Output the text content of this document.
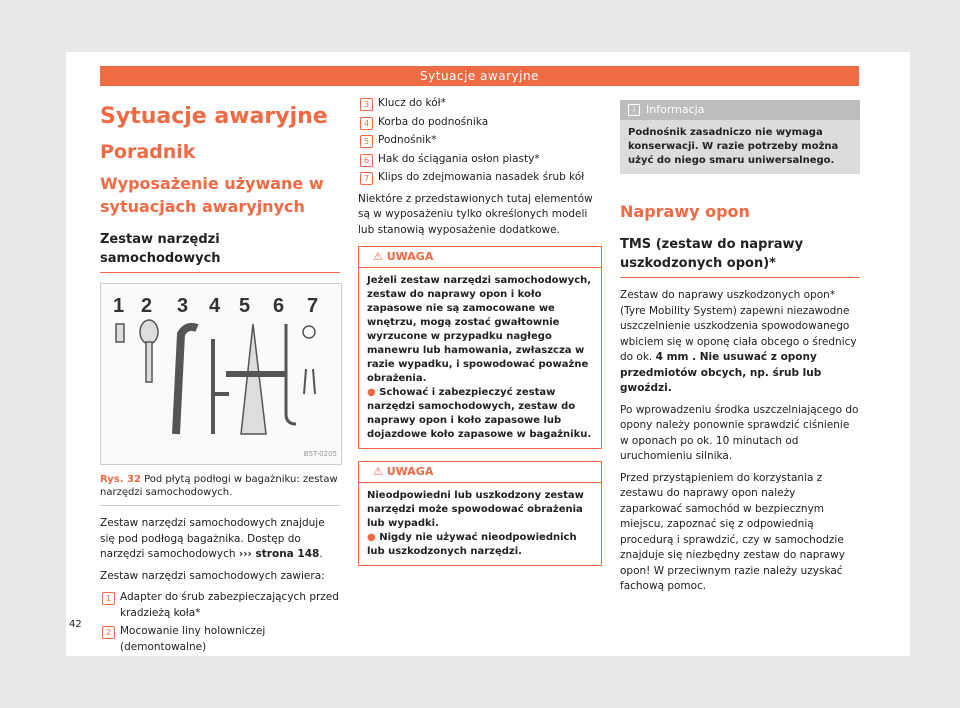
Sytuacje awaryjne
Sytuacje awaryjne
Poradnik
Wyposażenie używane w sytuacjach awaryjnych
Zestaw narzędzi samochodowych
1 2 3 4 5 6 7
B5T-0205
Rys. 32 Pod płytą podłogi w bagażniku: zestaw narzędzi samochodowych.

Zestaw narzędzi samochodowych znajduje się pod podłogą bagażnika. Dostęp do narzędzi samochodowych ››› strona 148.

Zestaw narzędzi samochodowych zawiera:

1 Adapter do śrub zabezpieczających przed kradzieżą koła*
2 Mocowanie liny holowniczej (demontowalne)
3 Klucz do kół*
4 Korba do podnośnika
5 Podnośnik*
6 Hak do ściągania osłon piasty*
7 Klips do zdejmowania nasadek śrub kół

Niektóre z przedstawionych tutaj elementów są w wyposażeniu tylko określonych modeli lub stanowią wyposażenie dodatkowe.

⚠ UWAGA
Jeżeli zestaw narzędzi samochodowych, zestaw do naprawy opon i koło zapasowe nie są zamocowane we wnętrzu, mogą zostać gwałtownie wyrzucone w przypadku nagłego manewru lub hamowania, zwłaszcza w razie wypadku, i spowodować poważne obrażenia.
● Schować i zabezpieczyć zestaw narzędzi samochodowych, zestaw do naprawy opon i koło zapasowe lub dojazdowe koło zapasowe w bagażniku.
⚠ UWAGA
Nieodpowiedni lub uszkodzony zestaw narzędzi może spowodować obrażenia lub wypadki.
● Nigdy nie używać nieodpowiednich lub uszkodzonych narzędzi.
i Informacja
Podnośnik zasadniczo nie wymaga konserwacji. W razie potrzeby można użyć do niego smaru uniwersalnego.
Naprawy opon
TMS (zestaw do naprawy uszkodzonych opon)*

Zestaw do naprawy uszkodzonych opon* (Tyre Mobility System) zapewni niezawodne uszczelnienie uszkodzenia spowodowanego wbiciem się w oponę ciała obcego o średnicy do ok. 4 mm . Nie usuwać z opony przedmiotów obcych, np. śrub lub gwoździ.

Po wprowadzeniu środka uszczelniającego do opony należy ponownie sprawdzić ciśnienie w oponach po ok. 10 minutach od uruchomieniu silnika.

Przed przystąpieniem do korzystania z zestawu do naprawy opon należy zaparkować samochód w bezpiecznym miejscu, zapoznać się z odpowiednią procedurą i sprawdzić, czy w samochodzie znajduje się niezbędny zestaw do naprawy opon! W przeciwnym razie należy uzyskać fachową pomoc.

42
